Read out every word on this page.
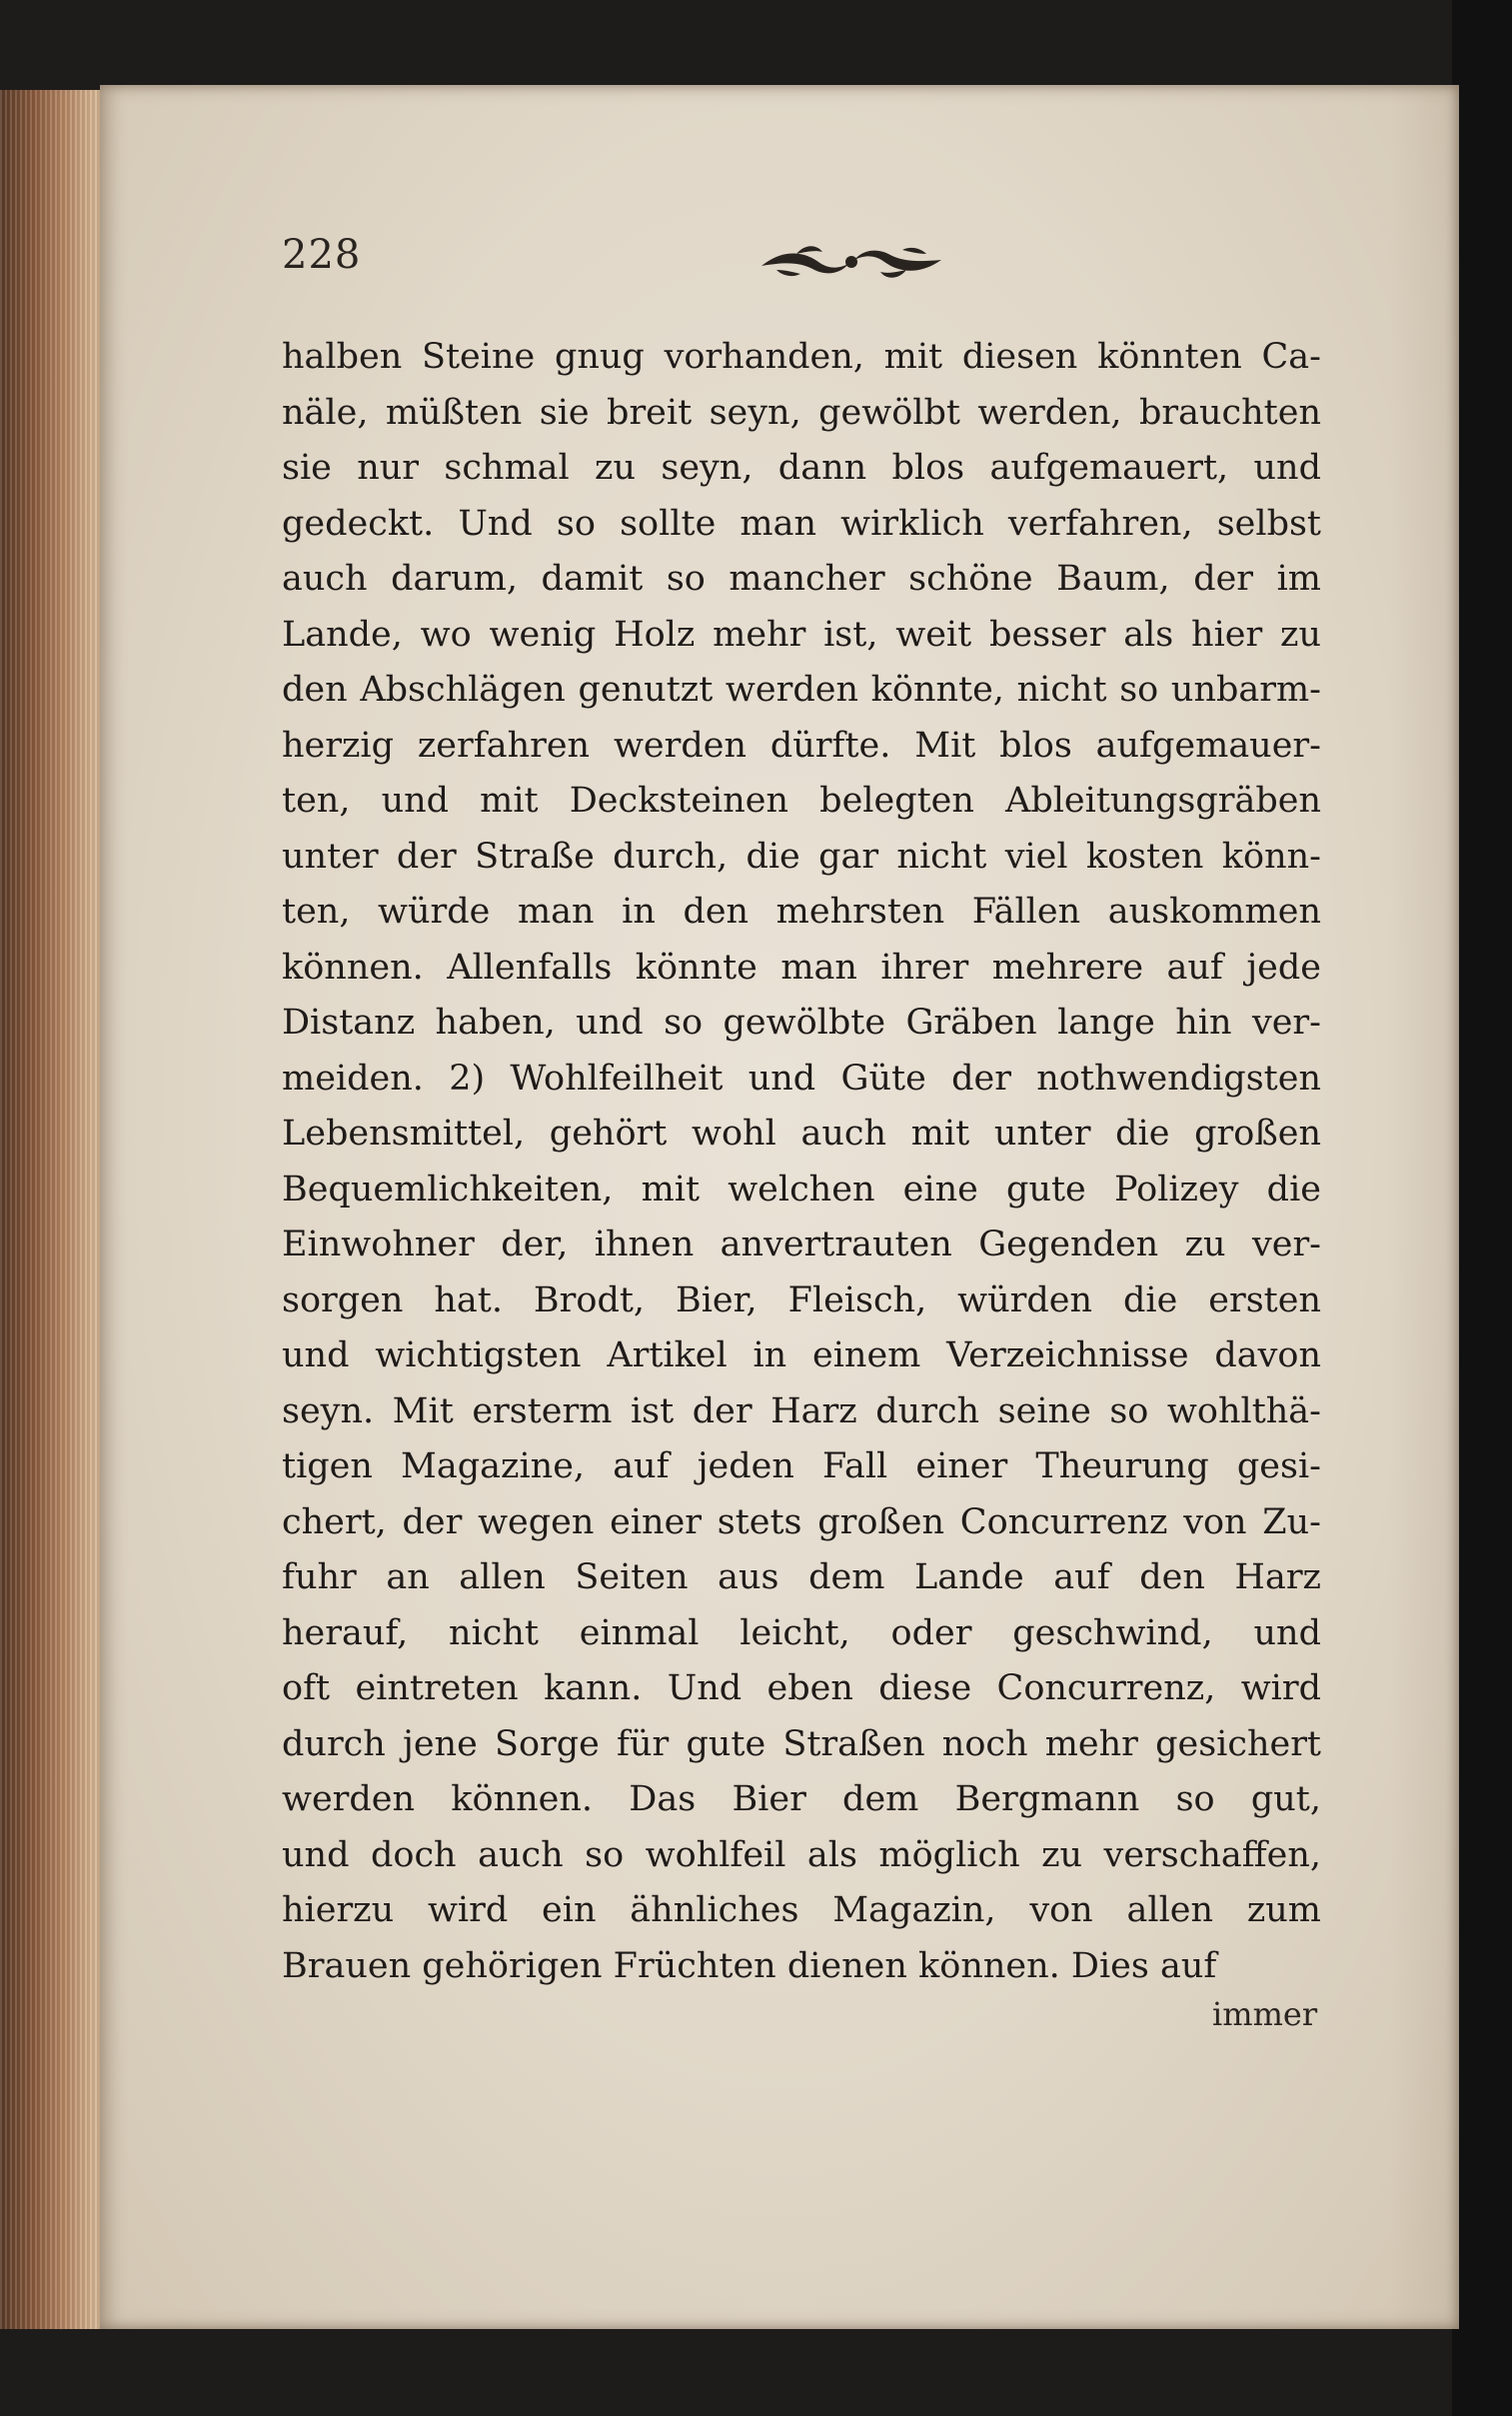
228
halben Steine gnug vorhanden, mit diesen könnten Ca-
näle, müßten sie breit seyn, gewölbt werden, brauchten
sie nur schmal zu seyn, dann blos aufgemauert, und
gedeckt. Und so sollte man wirklich verfahren, selbst
auch darum, damit so mancher schöne Baum, der im
Lande, wo wenig Holz mehr ist, weit besser als hier zu
den Abschlägen genutzt werden könnte, nicht so unbarm-
herzig zerfahren werden dürfte. Mit blos aufgemauer-
ten, und mit Decksteinen belegten Ableitungsgräben
unter der Straße durch, die gar nicht viel kosten könn-
ten, würde man in den mehrsten Fällen auskommen
können. Allenfalls könnte man ihrer mehrere auf jede
Distanz haben, und so gewölbte Gräben lange hin ver-
meiden. 2) Wohlfeilheit und Güte der nothwendigsten
Lebensmittel, gehört wohl auch mit unter die großen
Bequemlichkeiten, mit welchen eine gute Polizey die
Einwohner der, ihnen anvertrauten Gegenden zu ver-
sorgen hat. Brodt, Bier, Fleisch, würden die ersten
und wichtigsten Artikel in einem Verzeichnisse davon
seyn. Mit ersterm ist der Harz durch seine so wohlthä-
tigen Magazine, auf jeden Fall einer Theurung gesi-
chert, der wegen einer stets großen Concurrenz von Zu-
fuhr an allen Seiten aus dem Lande auf den Harz
herauf, nicht einmal leicht, oder geschwind, und
oft eintreten kann. Und eben diese Concurrenz, wird
durch jene Sorge für gute Straßen noch mehr gesichert
werden können. Das Bier dem Bergmann so gut,
und doch auch so wohlfeil als möglich zu verschaffen,
hierzu wird ein ähnliches Magazin, von allen zum
Brauen gehörigen Früchten dienen können. Dies auf
immer
